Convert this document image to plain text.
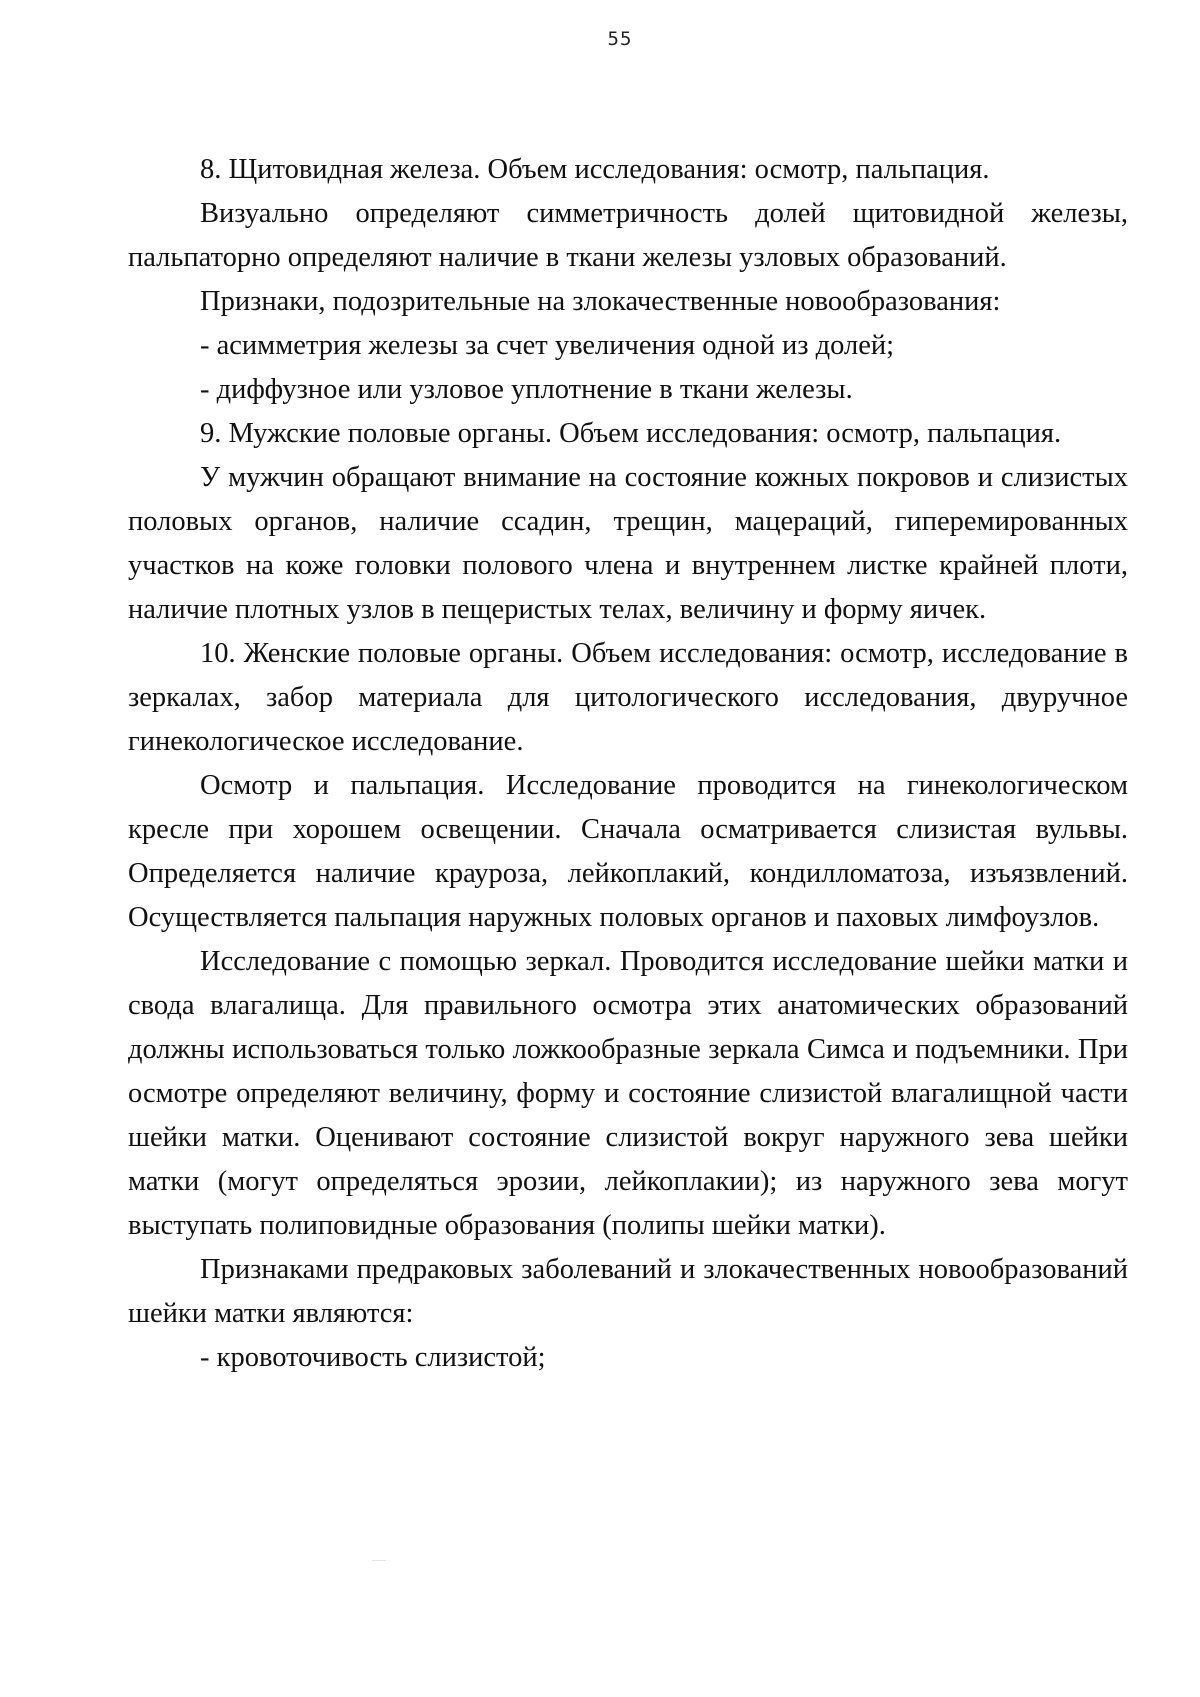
55

8. Щитовидная железа. Объем исследования: осмотр, пальпация.

Визуально определяют симметричность долей щитовидной железы, пальпаторно определяют наличие в ткани железы узловых образований.

Признаки, подозрительные на злокачественные новообразования:

- асимметрия железы за счет увеличения одной из долей;

- диффузное или узловое уплотнение в ткани железы.

9. Мужские половые органы. Объем исследования: осмотр, пальпация.

У мужчин обращают внимание на состояние кожных покровов и слизистых половых органов, наличие ссадин, трещин, мацераций, гиперемированных участков на коже головки полового члена и внутреннем листке крайней плоти, наличие плотных узлов в пещеристых телах, величину и форму яичек.

10. Женские половые органы. Объем исследования: осмотр, исследование в зеркалах, забор материала для цитологического исследования, двуручное гинекологическое исследование.

Осмотр и пальпация. Исследование проводится на гинекологическом кресле при хорошем освещении. Сначала осматривается слизистая вульвы. Определяется наличие крауроза, лейкоплакий, кондилломатоза, изъязвлений. Осуществляется пальпация наружных половых органов и паховых лимфоузлов.

Исследование с помощью зеркал. Проводится исследование шейки матки и свода влагалища. Для правильного осмотра этих анатомических образований должны использоваться только ложкообразные зеркала Симса и подъемники. При осмотре определяют величину, форму и состояние слизистой влагалищной части шейки матки. Оценивают состояние слизистой вокруг наружного зева шейки матки (могут определяться эрозии, лейкоплакии); из наружного зева могут выступать полиповидные образования (полипы шейки матки).

Признаками предраковых заболеваний и злокачественных новообразований шейки матки являются:

- кровоточивость слизистой;
